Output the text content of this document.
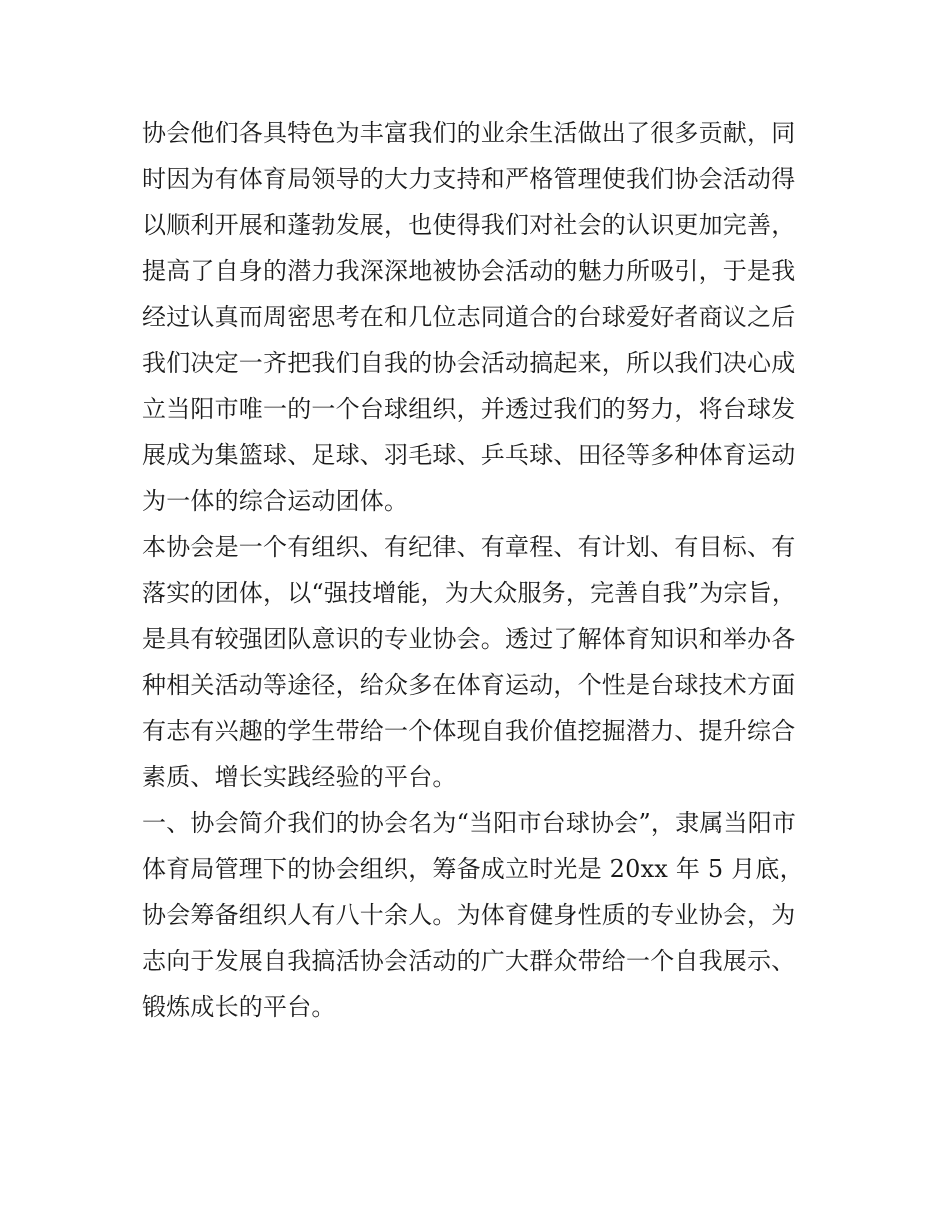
协会他们各具特色为丰富我们的业余生活做出了很多贡献，同
时因为有体育局领导的大力支持和严格管理使我们协会活动得
以顺利开展和蓬勃发展，也使得我们对社会的认识更加完善，
提高了自身的潜力我深深地被协会活动的魅力所吸引，于是我
经过认真而周密思考在和几位志同道合的台球爱好者商议之后
我们决定一齐把我们自我的协会活动搞起来，所以我们决心成
立当阳市唯一的一个台球组织，并透过我们的努力，将台球发
展成为集篮球、足球、羽毛球、乒乓球、田径等多种体育运动
为一体的综合运动团体。
本协会是一个有组织、有纪律、有章程、有计划、有目标、有
落实的团体，以“强技增能，为大众服务，完善自我”为宗旨，
是具有较强团队意识的专业协会。透过了解体育知识和举办各
种相关活动等途径，给众多在体育运动，个性是台球技术方面
有志有兴趣的学生带给一个体现自我价值挖掘潜力、提升综合
素质、增长实践经验的平台。
一、协会简介我们的协会名为“当阳市台球协会”，隶属当阳市
体育局管理下的协会组织，筹备成立时光是 20xx 年 5 月底，
协会筹备组织人有八十余人。为体育健身性质的专业协会，为
志向于发展自我搞活协会活动的广大群众带给一个自我展示、
锻炼成长的平台。
